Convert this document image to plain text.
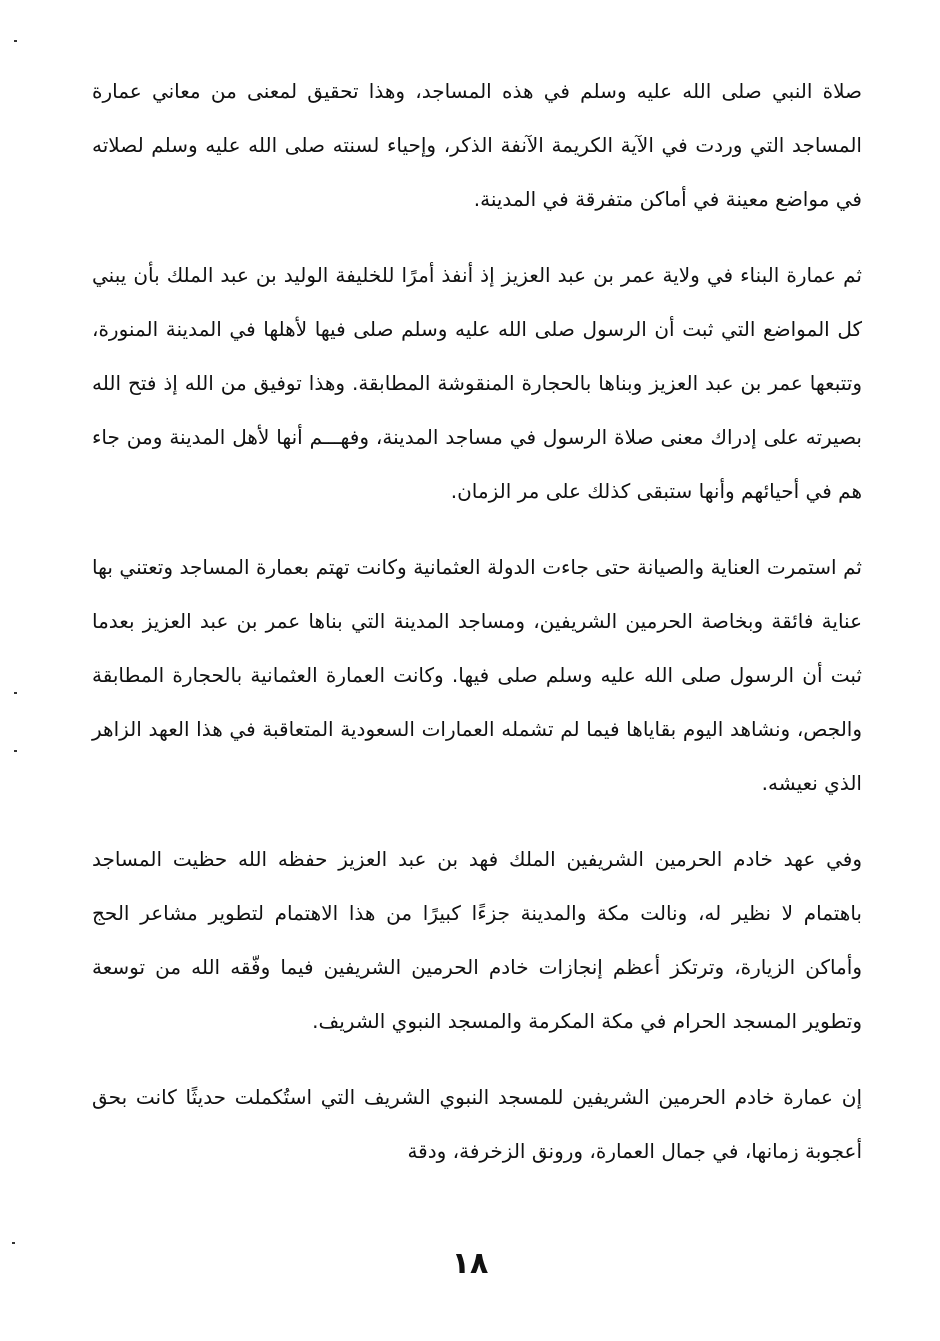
صلاة النبي صلى الله عليه وسلم في هذه المساجد، وهذا تحقيق لمعنى من معاني عمارة المساجد التي وردت في الآية الكريمة الآنفة الذكر، وإحياء لسنته صلى الله عليه وسلم لصلاته في مواضع معينة في أماكن متفرقة في المدينة.

ثم عمارة البناء في ولاية عمر بن عبد العزيز إذ أنفذ أمرًا للخليفة الوليد بن عبد الملك بأن يبني كل المواضع التي ثبت أن الرسول صلى الله عليه وسلم صلى فيها لأهلها في المدينة المنورة، وتتبعها عمر بن عبد العزيز وبناها بالحجارة المنقوشة المطابقة. وهذا توفيق من الله إذ فتح الله بصيرته على إدراك معنى صلاة الرسول في مساجد المدينة، وفهـــم أنها لأهل المدينة ومن جاء هم في أحيائهم وأنها ستبقى كذلك على مر الزمان.

ثم استمرت العناية والصيانة حتى جاءت الدولة العثمانية وكانت تهتم بعمارة المساجد وتعتني بها عناية فائقة وبخاصة الحرمين الشريفين، ومساجد المدينة التي بناها عمر بن عبد العزيز بعدما ثبت أن الرسول صلى الله عليه وسلم صلى فيها. وكانت العمارة العثمانية بالحجارة المطابقة والجص، ونشاهد اليوم بقاياها فيما لم تشمله العمارات السعودية المتعاقبة في هذا العهد الزاهر الذي نعيشه.

وفي عهد خادم الحرمين الشريفين الملك فهد بن عبد العزيز حفظه الله حظيت المساجد باهتمام لا نظير له، ونالت مكة والمدينة جزءًا كبيرًا من هذا الاهتمام لتطوير مشاعر الحج وأماكن الزيارة، وترتكز أعظم إنجازات خادم الحرمين الشريفين فيما وفّقه الله من توسعة وتطوير المسجد الحرام في مكة المكرمة والمسجد النبوي الشريف.

إن عمارة خادم الحرمين الشريفين للمسجد النبوي الشريف التي استُكملت حديثًا كانت بحق أعجوبة زمانها، في جمال العمارة، ورونق الزخرفة، ودقة

١٨
